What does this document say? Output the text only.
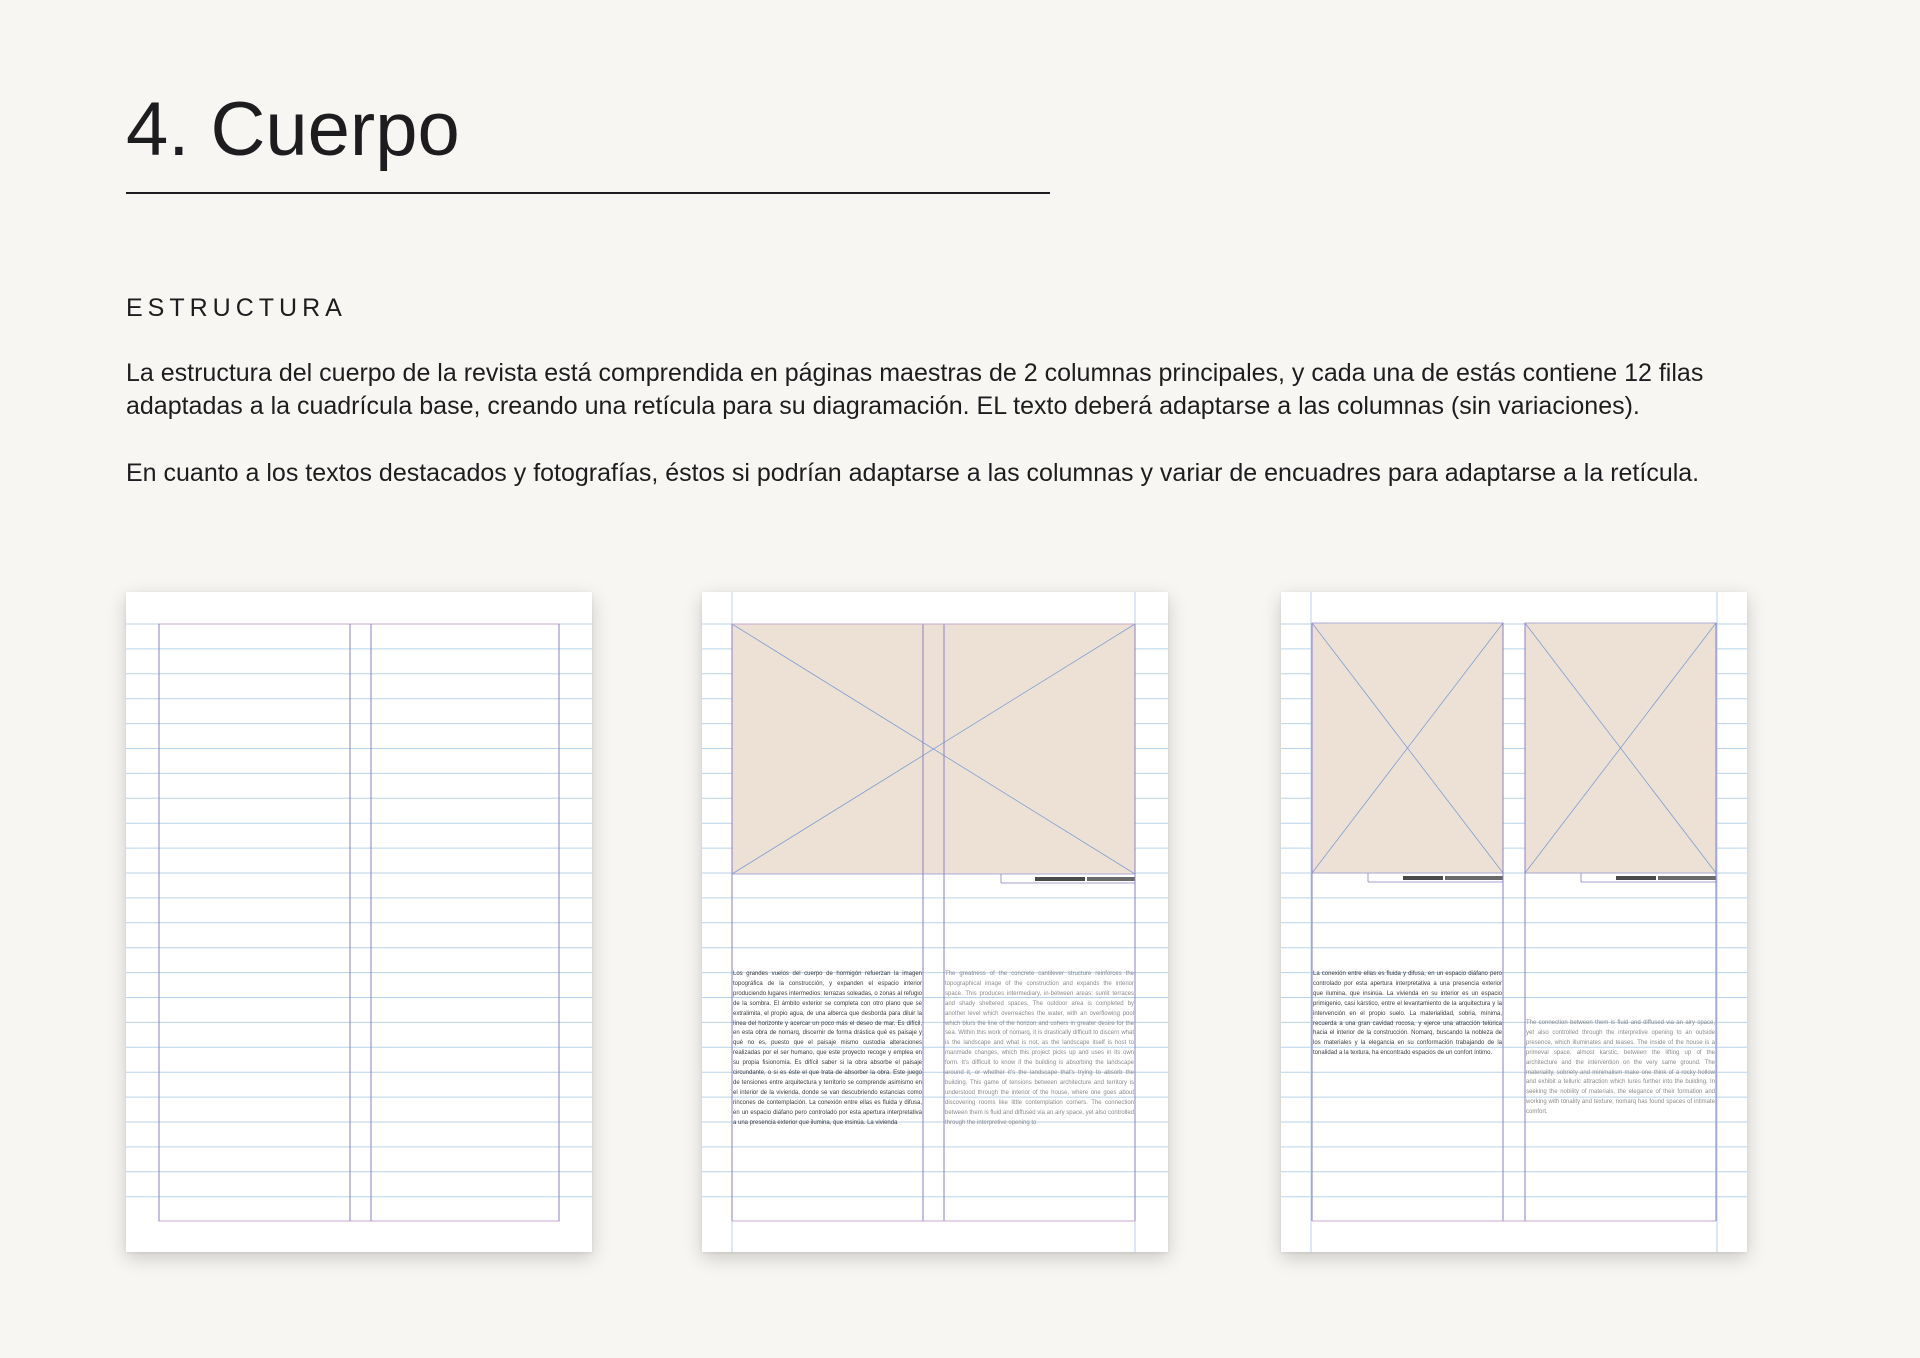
4. Cuerpo
ESTRUCTURA

La estructura del cuerpo de la revista está comprendida en páginas maestras de 2 columnas principales, y cada una de estás contiene 12 filas adaptadas a la cuadrícula base, creando una retícula para su diagramación. EL texto deberá adaptarse a las columnas (sin variaciones).

En cuanto a los textos destacados y fotografías, éstos si podrían adaptarse a las columnas y variar de encuadres para adaptarse a la retícula.

Los grandes vuelos del cuerpo de hormigón refuerzan la imagen topográfica de la construcción, y expanden el espacio interior produciendo lugares intermedios: terrazas soleadas, o zonas al refugio de la sombra. El ámbito exterior se completa con otro plano que se extralimita, el propio agua, de una alberca que desborda para diluir la línea del horizonte y acercar un poco más el deseo de mar. Es difícil, en esta obra de nomarq, discernir de forma drástica qué es paisaje y qué no es, puesto que el paisaje mismo custodia alteraciones realizadas por el ser humano, que este proyecto recoge y emplea en su propia fisionomía. Es difícil saber si la obra absorbe el paisaje circundante, o si es éste el que trata de absorber la obra. Este juego de tensiones entre arquitectura y territorio se comprende asimismo en el interior de la vivienda, donde se van descubriendo estancias como rincones de contemplación. La conexión entre ellas es fluida y difusa, en un espacio diáfano pero controlado por esta apertura interpretativa a una presencia exterior que ilumina, que insinúa. La vivienda

The greatness of the concrete cantilever structure reinforces the topographical image of the construction and expands the interior space. This produces intermediary, in-between areas: sunlit terraces and shady sheltered spaces. The outdoor area is completed by another level which overreaches the water, with an overflowing pool which blurs the line of the horizon and ushers in greater desire for the sea. Within this work of nomarq, it is drastically difficult to discern what is the landscape and what is not, as the landscape itself is host to manmade changes, which this project picks up and uses in its own form. It's difficult to know if the building is absorbing the landscape around it, or whether it's the landscape that's trying to absorb the building. This game of tensions between architecture and territory is understood through the interior of the house, where one goes about discovering rooms like little contemplation corners. The connection between them is fluid and diffused via an airy space, yet also controlled through the interpretive opening to

La conexión entre ellas es fluida y difusa, en un espacio diáfano pero controlado por esta apertura interpretativa a una presencia exterior que ilumina, que insinúa. La vivienda en su interior es un espacio primigenio, casi kárstico, entre el levantamiento de la arquitectura y la intervención en el propio suelo. La materialidad, sobria, mínima, recuerda a una gran cavidad rocosa, y ejerce una atracción telúrica hacia el interior de la construcción. Nomarq, buscando la nobleza de los materiales y la elegancia en su conformación trabajando de la tonalidad a la textura, ha encontrado espacios de un confort íntimo.

The connection between them is fluid and diffused via an airy space, yet also controlled through the interpretive opening to an outside presence, which illuminates and teases. The inside of the house is a primeval space, almost karstic, between the lifting up of the architecture and the intervention on the very same ground. The materiality, sobriety and minimalism make one think of a rocky hollow and exhibit a telluric attraction which lures further into the building. In seeking the nobility of materials, the elegance of their formation and working with tonality and texture, nomarq has found spaces of intimate comfort.
